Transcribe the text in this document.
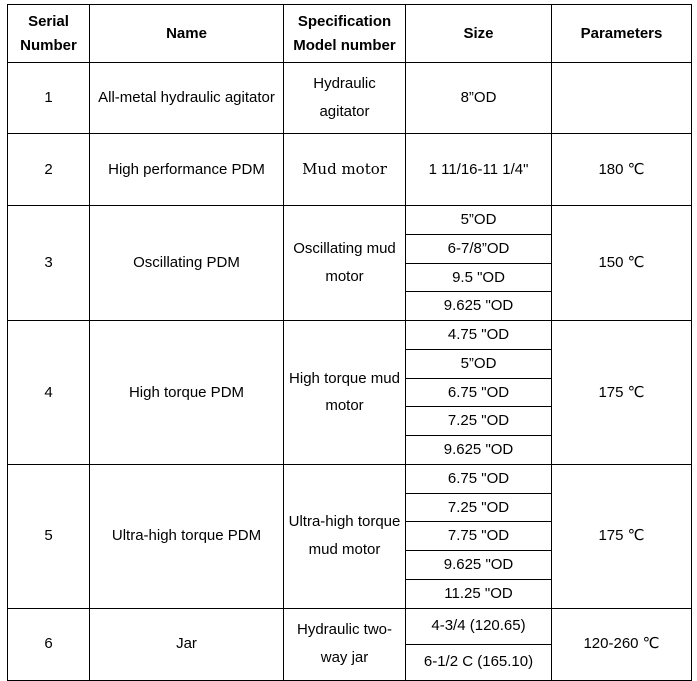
Serial Number	Name	Specification Model number	Size	Parameters
1	All-metal hydraulic agitator	Hydraulic agitator	8”OD	
2	High performance PDM	Mud motor	1 11/16-11 1/4"	180 ℃
3	Oscillating PDM	Oscillating mud motor	5”OD	150 ℃
			6-7/8”OD	
			9.5 "OD	
			9.625 "OD	
4	High torque PDM	High torque mud motor	4.75 "OD	175 ℃
			5”OD	
			6.75 "OD	
			7.25 "OD	
			9.625 "OD	
5	Ultra-high torque PDM	Ultra-high torque mud motor	6.75 "OD	175 ℃
			7.25 "OD	
			7.75 "OD	
			9.625 "OD	
			11.25 "OD	
6	Jar	Hydraulic two-way jar	4-3/4 (120.65)	120-260 ℃
			6-1/2 C (165.10)	
